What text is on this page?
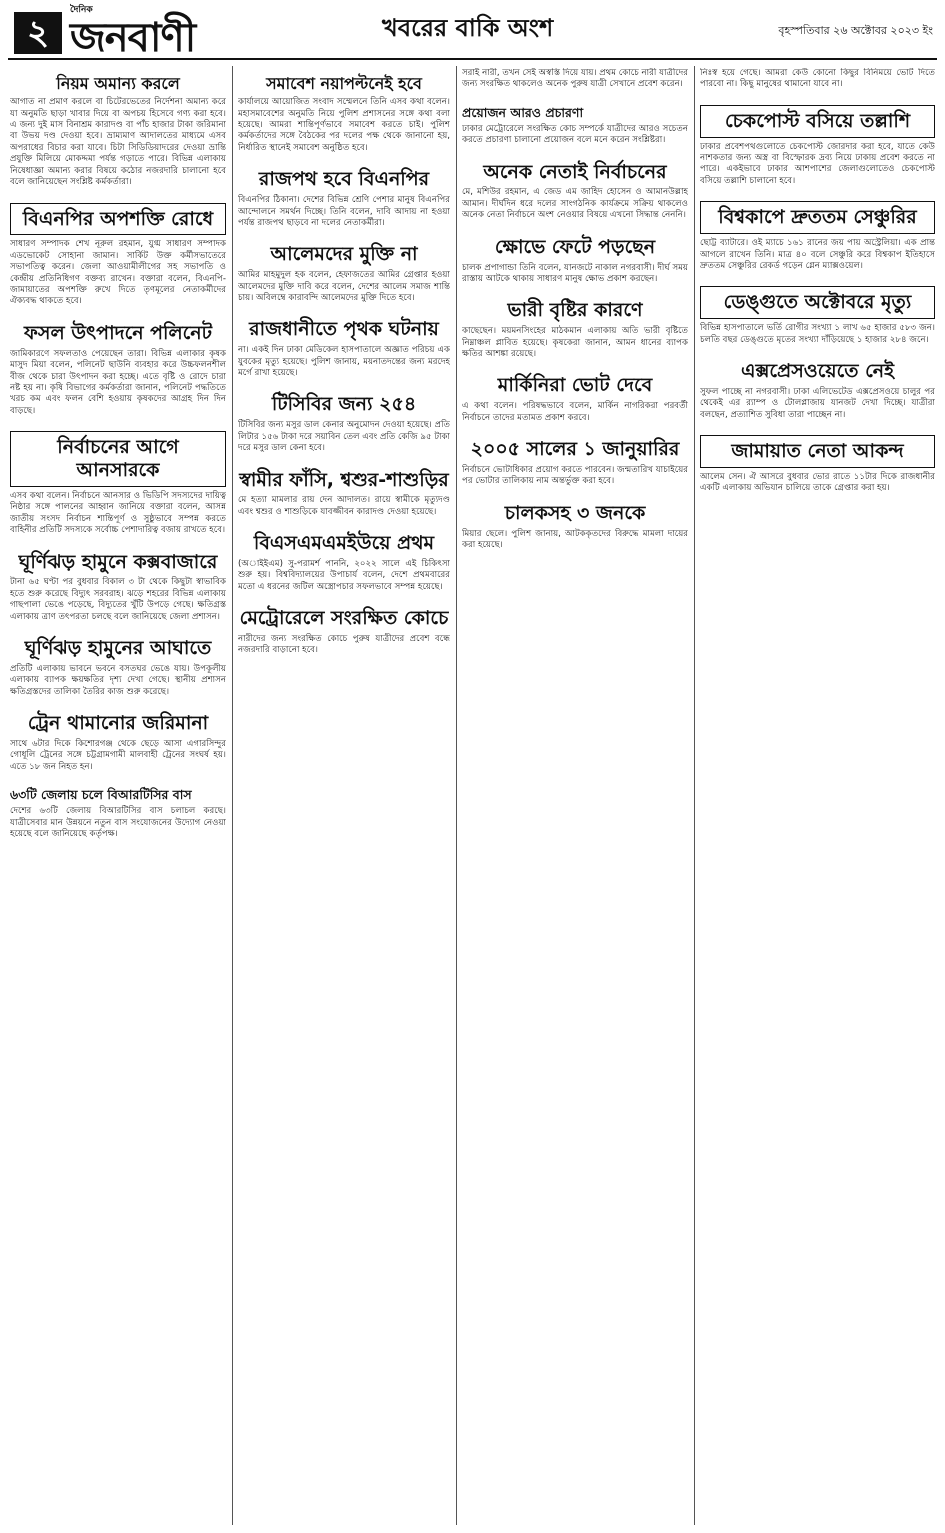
২
দৈনিক
জনবাণী	খবরের বাকি অংশ	বৃহস্পতিবার ২৬ অক্টোবর ২০২৩ ইং
নিয়ম অমান্য করলে
আগাত না প্রমাণ করলে বা চিটেরভেতের নির্দেশনা অমান্য করে যা অনুমতি ছাড়া খাবার দিয়ে বা অপচয় হিসেবে গণ্য করা হবে। এ জন্য দুই মাস বিনাশ্রম কারাদণ্ড বা পাঁচ হাজার টাকা জরিমানা বা উভয় দণ্ড দেওয়া হবে। ভ্রাম্যমাণ আদালতের মাধ্যমে এসব অপরাধের বিচার করা যাবে। চিটা সিডিডিয়াদরের দেওয়া ভ্রান্তি প্রযুক্তি মিলিয়ে মোকদ্দমা পর্যন্ত গড়াতে পারে। বিভিন্ন এলাকায় নিষেধাজ্ঞা অমান্য করার বিষয়ে কঠোর নজরদারি চালানো হবে বলে জানিয়েছেন সংশ্লিষ্ট কর্মকর্তারা।
বিএনপির অপশক্তি রোধে
সাধারণ সম্পাদক শেখ নূরুল রহমান, যুগ্ম সাধারণ সম্পাদক এডভোকেট সোহানা জামান। সার্কিট উক্ত কর্মীসভাতেরে সভাপতিত্ব করেন। জেলা আওয়ামীলীগের সহ সভাপতি ও কেন্দ্রীয় প্রতিনিধিগণ বক্তব্য রাখেন। বক্তারা বলেন, বিএনপি-জামায়াতের অপশক্তি রুখে দিতে তৃণমূলের নেতাকর্মীদের ঐক্যবদ্ধ থাকতে হবে।
ফসল উৎপাদনে পলিনেট
জামিকারণে সফলতাও পেয়েছেন তারা। বিভিন্ন এলাকার কৃষক মাসুদ মিয়া বলেন, পলিনেট ছাউনি ব্যবহার করে উচ্চফলনশীল বীজ থেকে চারা উৎপাদন করা হচ্ছে। এতে বৃষ্টি ও রোদে চারা নষ্ট হয় না। কৃষি বিভাগের কর্মকর্তারা জানান, পলিনেট পদ্ধতিতে খরচ কম এবং ফলন বেশি হওয়ায় কৃষকদের আগ্রহ দিন দিন বাড়ছে।
নির্বাচনের আগে আনসারকে
এসব কথা বলেন। নির্বাচনে আনসার ও ভিডিপি সদস্যদের দায়িত্ব নিষ্ঠার সঙ্গে পালনের আহ্বান জানিয়ে বক্তারা বলেন, আসন্ন জাতীয় সংসদ নির্বাচন শান্তিপূর্ণ ও সুষ্ঠুভাবে সম্পন্ন করতে বাহিনীর প্রতিটি সদস্যকে সর্বোচ্চ পেশাদারিত্ব বজায় রাখতে হবে।
ঘূর্ণিঝড় হামুনে কক্সবাজারে
টানা ৬৫ ঘণ্টা পর বুধবার বিকাল ৩ টা থেকে কিছুটা স্বাভাবিক হতে শুরু করেছে বিদ্যুৎ সরবরাহ। ঝড়ে শহরের বিভিন্ন এলাকায় গাছপালা ভেঙে পড়েছে, বিদ্যুতের খুঁটি উপড়ে গেছে। ক্ষতিগ্রস্ত এলাকায় ত্রাণ তৎপরতা চলছে বলে জানিয়েছে জেলা প্রশাসন।
ঘূর্ণিঝড় হামুনের আঘাতে
প্রতিটি এলাকায় ভাবনে ভবনে বসতঘর ভেঙে যায়। উপকূলীয় এলাকায় ব্যাপক ক্ষয়ক্ষতির দৃশ্য দেখা গেছে। স্থানীয় প্রশাসন ক্ষতিগ্রস্তদের তালিকা তৈরির কাজ শুরু করেছে।
ট্রেন থামানোর জরিমানা
সাথে ৬টার দিকে কিশোরগঞ্জ থেকে ছেড়ে আসা এগারসিন্দুর গোধূলি ট্রেনের সঙ্গে চট্টগ্রামগামী মালবাহী ট্রেনের সংঘর্ষ হয়। এতে ১৮ জন নিহত হন।
৬৩টি জেলায় চলে বিআরটিসির বাস
দেশের ৬৩টি জেলায় বিআরটিসির বাস চলাচল করছে। যাত্রীসেবার মান উন্নয়নে নতুন বাস সংযোজনের উদ্যোগ নেওয়া হয়েছে বলে জানিয়েছে কর্তৃপক্ষ।
সমাবেশ নয়াপল্টনেই হবে
কার্যালয়ে আয়োজিত সংবাদ সম্মেলনে তিনি এসব কথা বলেন। মহাসমাবেশের অনুমতি নিয়ে পুলিশ প্রশাসনের সঙ্গে কথা বলা হয়েছে। আমরা শান্তিপূর্ণভাবে সমাবেশ করতে চাই। পুলিশ কর্মকর্তাদের সঙ্গে বৈঠকের পর দলের পক্ষ থেকে জানানো হয়, নির্ধারিত স্থানেই সমাবেশ অনুষ্ঠিত হবে।
রাজপথ হবে বিএনপির
বিএনপির ঠিকানা। দেশের বিভিন্ন শ্রেণি পেশার মানুষ বিএনপির আন্দোলনে সমর্থন দিচ্ছে। তিনি বলেন, দাবি আদায় না হওয়া পর্যন্ত রাজপথ ছাড়বে না দলের নেতাকর্মীরা।
আলেমদের মুক্তি না
আমির মাহমুদুল হক বলেন, হেফাজতের আমির গ্রেপ্তার হওয়া আলেমদের মুক্তি দাবি করে বলেন, দেশের আলেম সমাজ শান্তি চায়। অবিলম্বে কারাবন্দি আলেমদের মুক্তি দিতে হবে।
রাজধানীতে পৃথক ঘটনায়
না। একই দিন ঢাকা মেডিকেল হাসপাতালে অজ্ঞাত পরিচয় এক যুবকের মৃত্যু হয়েছে। পুলিশ জানায়, ময়নাতদন্তের জন্য মরদেহ মর্গে রাখা হয়েছে।
টিসিবির জন্য ২৫৪
টিসিবির জন্য মসুর ডাল কেনার অনুমোদন দেওয়া হয়েছে। প্রতি লিটার ১৫৬ টাকা দরে সয়াবিন তেল এবং প্রতি কেজি ৯৫ টাকা দরে মসুর ডাল কেনা হবে।
স্বামীর ফাঁসি, শ্বশুর-শাশুড়ির
মে হত্যা মামলার রায় দেন আদালত। রায়ে স্বামীকে মৃত্যুদণ্ড এবং শ্বশুর ও শাশুড়িকে যাবজ্জীবন কারাদণ্ড দেওয়া হয়েছে।
বিএসএমএমইউয়ে প্রথম
(অাইইএম) সু-পরামর্শ পাননি, ২০২২ সালে এই চিকিৎসা শুরু হয়। বিশ্ববিদ্যালয়ের উপাচার্য বলেন, দেশে প্রথমবারের মতো এ ধরনের জটিল অস্ত্রোপচার সফলভাবে সম্পন্ন হয়েছে।
মেট্রোরেলে সংরক্ষিত কোচে
নারীদের জন্য সংরক্ষিত কোচে পুরুষ যাত্রীদের প্রবেশ বন্ধে নজরদারি বাড়ানো হবে।
সরাই নারী, তখন সেই অস্বস্তি দিয়ে যায়। প্রথম কোচে নারী যাত্রীদের জন্য সংরক্ষিত থাকলেও অনেক পুরুষ যাত্রী সেখানে প্রবেশ করেন।
প্রয়োজন আরও প্রচারণা
ঢাকার মেট্রোরেলে সংরক্ষিত কোচ সম্পর্কে যাত্রীদের আরও সচেতন করতে প্রচারণা চালানো প্রয়োজন বলে মনে করেন সংশ্লিষ্টরা।
অনেক নেতাই নির্বাচনের
মে, মশিউর রহমান, এ জেড এম জাহিদ হোসেন ও আমানউল্লাহ আমান। দীর্ঘদিন ধরে দলের সাংগঠনিক কার্যক্রমে সক্রিয় থাকলেও অনেক নেতা নির্বাচনে অংশ নেওয়ার বিষয়ে এখনো সিদ্ধান্ত নেননি।
ক্ষোভে ফেটে পড়ছেন
চালক প্রপাগান্ডা তিনি বলেন, যানজটে নাকাল নগরবাসী। দীর্ঘ সময় রাস্তায় আটকে থাকায় সাধারণ মানুষ ক্ষোভ প্রকাশ করছেন।
ভারী বৃষ্টির কারণে
কাছেছেন। ময়মনসিংহের মাঠকমান এলাকায় অতি ভারী বৃষ্টিতে নিম্নাঞ্চল প্লাবিত হয়েছে। কৃষকেরা জানান, আমন ধানের ব্যাপক ক্ষতির আশঙ্কা রয়েছে।
মার্কিনিরা ভোট দেবে
এ কথা বলেন। পরিষদ্ধভাবে বলেন, মার্কিন নাগরিকরা পরবর্তী নির্বাচনে তাদের মতামত প্রকাশ করবে।
২০০৫ সালের ১ জানুয়ারির
নির্বাচনে ভোটাধিকার প্রয়োগ করতে পারবেন। জন্মতারিখ যাচাইয়ের পর ভোটার তালিকায় নাম অন্তর্ভুক্ত করা হবে।
চালকসহ ৩ জনকে
মিয়ার ছেলে। পুলিশ জানায়, আটককৃতদের বিরুদ্ধে মামলা দায়ের করা হয়েছে।
নিঃস্ব হয়ে গেছে। আমরা কেউ কোনো কিছুর বিনিময়ে ভোট দিতে পারবো না। কিছু মানুষের থামানো যাবে না।
চেকপোস্ট বসিয়ে তল্লাশি
ঢাকার প্রবেশপথগুলোতে চেকপোস্ট জোরদার করা হবে, যাতে কেউ নাশকতার জন্য অস্ত্র বা বিস্ফোরক দ্রব্য নিয়ে ঢাকায় প্রবেশ করতে না পারে। একইভাবে ঢাকার আশপাশের জেলাগুলোতেও চেকপোস্ট বসিয়ে তল্লাশি চালানো হবে।
বিশ্বকাপে দ্রুততম সেঞ্চুরির
ছোট্ট ব্যাটারে। ওই ম্যাচে ১৬১ রানের জয় পায় অস্ট্রেলিয়া। এক প্রান্ত আগলে রাখেন তিনি। মাত্র ৪০ বলে সেঞ্চুরি করে বিশ্বকাপ ইতিহাসে দ্রুততম সেঞ্চুরির রেকর্ড গড়েন গ্লেন ম্যাক্সওয়েল।
ডেঙ্গুতে অক্টোবরে মৃত্যু
বিভিন্ন হাসপাতালে ভর্তি রোগীর সংখ্যা ১ লাখ ৬৫ হাজার ৫৮৩ জন। চলতি বছর ডেঙ্গুতে মৃতের সংখ্যা দাঁড়িয়েছে ১ হাজার ২৮৪ জনে।
এক্সপ্রেসওয়েতে নেই
সুফল পাচ্ছে না নগরবাসী। ঢাকা এলিভেটেড এক্সপ্রেসওয়ে চালুর পর থেকেই এর র‍্যাম্প ও টোলপ্লাজায় যানজট দেখা দিচ্ছে। যাত্রীরা বলছেন, প্রত্যাশিত সুবিধা তারা পাচ্ছেন না।
জামায়াত নেতা আকন্দ
আলেম সেন। ঐ আসরে বুধবার ভোর রাতে ১১টার দিকে রাজধানীর একটি এলাকায় অভিযান চালিয়ে তাকে গ্রেপ্তার করা হয়।
